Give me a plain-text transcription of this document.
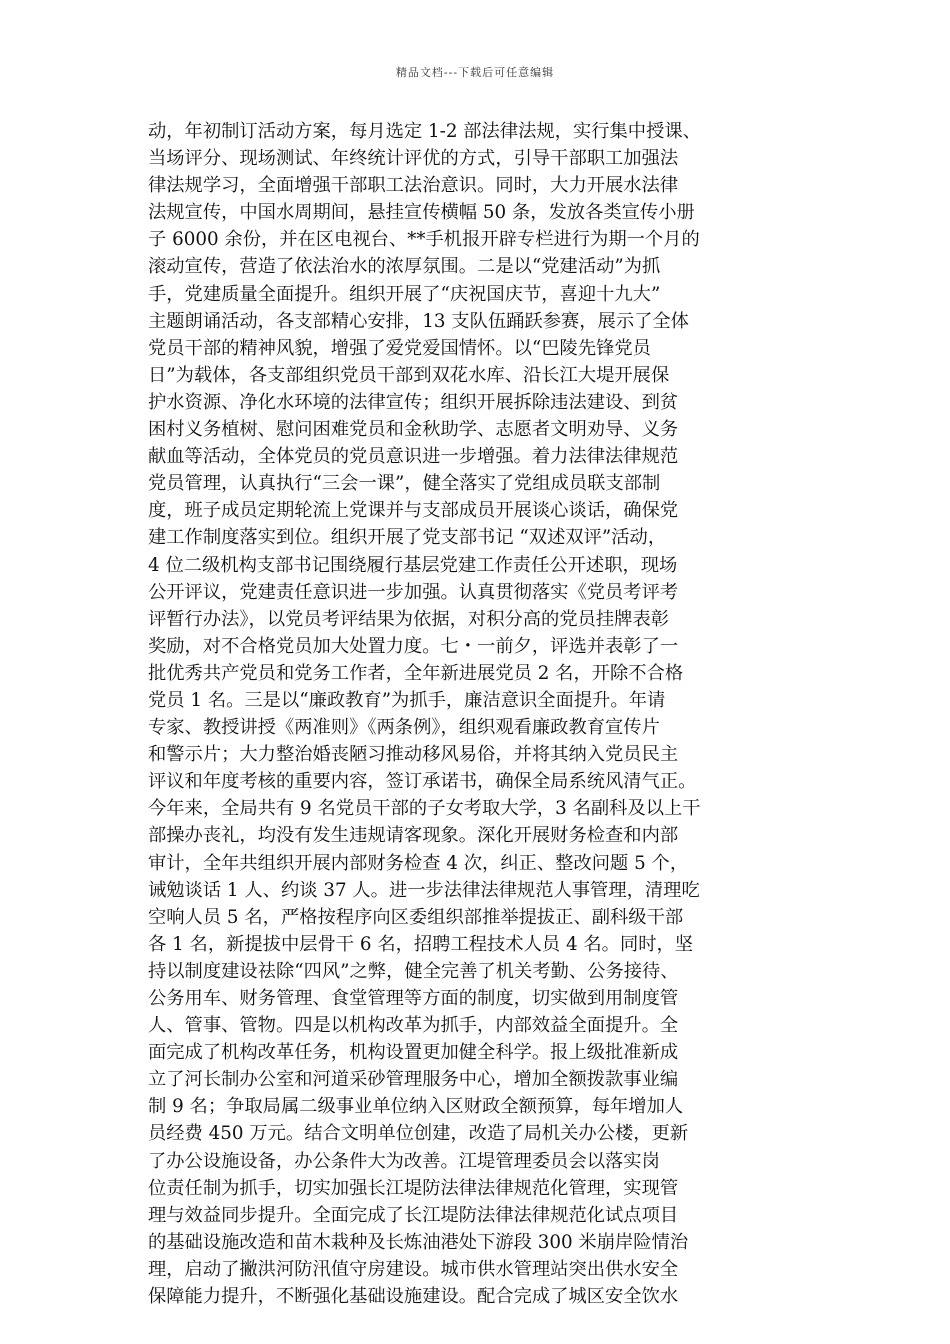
精品文档---下载后可任意编辑
动，年初制订活动方案，每月选定 1-2 部法律法规，实行集中授课、
当场评分、现场测试、年终统计评优的方式，引导干部职工加强法
律法规学习，全面增强干部职工法治意识。同时，大力开展水法律
法规宣传，中国水周期间，悬挂宣传横幅 50 条，发放各类宣传小册
子 6000 余份，并在区电视台、**手机报开辟专栏进行为期一个月的
滚动宣传，营造了依法治水的浓厚氛围。二是以“党建活动”为抓
手，党建质量全面提升。组织开展了“庆祝国庆节，喜迎十九大”
主题朗诵活动，各支部精心安排，13 支队伍踊跃参赛，展示了全体
党员干部的精神风貌，增强了爱党爱国情怀。以“巴陵先锋党员
日”为载体，各支部组织党员干部到双花水库、沿长江大堤开展保
护水资源、净化水环境的法律宣传；组织开展拆除违法建设、到贫
困村义务植树、慰问困难党员和金秋助学、志愿者文明劝导、义务
献血等活动，全体党员的党员意识进一步增强。着力法律法律规范
党员管理，认真执行“三会一课”，健全落实了党组成员联支部制
度，班子成员定期轮流上党课并与支部成员开展谈心谈话，确保党
建工作制度落实到位。组织开展了党支部书记 “双述双评”活动，
4 位二级机构支部书记围绕履行基层党建工作责任公开述职，现场
公开评议，党建责任意识进一步加强。认真贯彻落实《党员考评考
评暂行办法》，以党员考评结果为依据，对积分高的党员挂牌表彰
奖励，对不合格党员加大处置力度。七・一前夕，评选并表彰了一
批优秀共产党员和党务工作者，全年新进展党员 2 名，开除不合格
党员 1 名。三是以“廉政教育”为抓手，廉洁意识全面提升。年请
专家、教授讲授《两准则》《两条例》，组织观看廉政教育宣传片
和警示片；大力整治婚丧陋习推动移风易俗，并将其纳入党员民主
评议和年度考核的重要内容，签订承诺书，确保全局系统风清气正。
今年来，全局共有 9 名党员干部的子女考取大学，3 名副科及以上干
部操办丧礼，均没有发生违规请客现象。深化开展财务检查和内部
审计，全年共组织开展内部财务检查 4 次，纠正、整改问题 5 个，
诫勉谈话 1 人、约谈 37 人。进一步法律法律规范人事管理，清理吃
空响人员 5 名，严格按程序向区委组织部推举提拔正、副科级干部
各 1 名，新提拔中层骨干 6 名，招聘工程技术人员 4 名。同时，坚
持以制度建设祛除“四风”之弊，健全完善了机关考勤、公务接待、
公务用车、财务管理、食堂管理等方面的制度，切实做到用制度管
人、管事、管物。四是以机构改革为抓手，内部效益全面提升。全
面完成了机构改革任务，机构设置更加健全科学。报上级批准新成
立了河长制办公室和河道采砂管理服务中心，增加全额拨款事业编
制 9 名；争取局属二级事业单位纳入区财政全额预算，每年增加人
员经费 450 万元。结合文明单位创建，改造了局机关办公楼，更新
了办公设施设备，办公条件大为改善。江堤管理委员会以落实岗
位责任制为抓手，切实加强长江堤防法律法律规范化管理，实现管
理与效益同步提升。全面完成了长江堤防法律法律规范化试点项目
的基础设施改造和苗木栽种及长炼油港处下游段 300 米崩岸险情治
理，启动了撇洪河防汛值守房建设。城市供水管理站突出供水安全
保障能力提升，不断强化基础设施建设。配合完成了城区安全饮水
